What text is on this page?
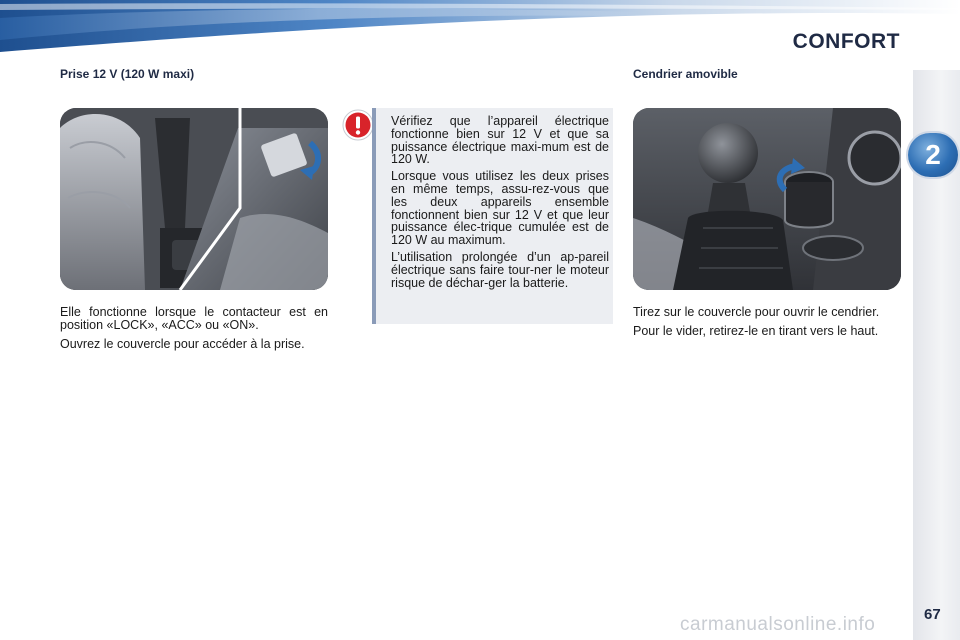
CONFORT
2
Prise 12 V (120 W maxi)

Elle fonctionne lorsque le contacteur est en position «LOCK», «ACC» ou «ON».

Ouvrez le couvercle pour accéder à la prise.

Vérifiez que l’appareil électrique fonctionne bien sur 12 V et que sa puissance électrique maxi-mum est de 120 W.

Lorsque vous utilisez les deux prises en même temps, assu-rez-vous que les deux appareils ensemble fonctionnent bien sur 12 V et que leur puissance élec-trique cumulée est de 120 W au maximum.

L’utilisation prolongée d’un ap-pareil électrique sans faire tour-ner le moteur risque de déchar-ger la batterie.

Cendrier amovible

Tirez sur le couvercle pour ouvrir le cendrier.

Pour le vider, retirez-le en tirant vers le haut.

carmanualsonline.info	67
